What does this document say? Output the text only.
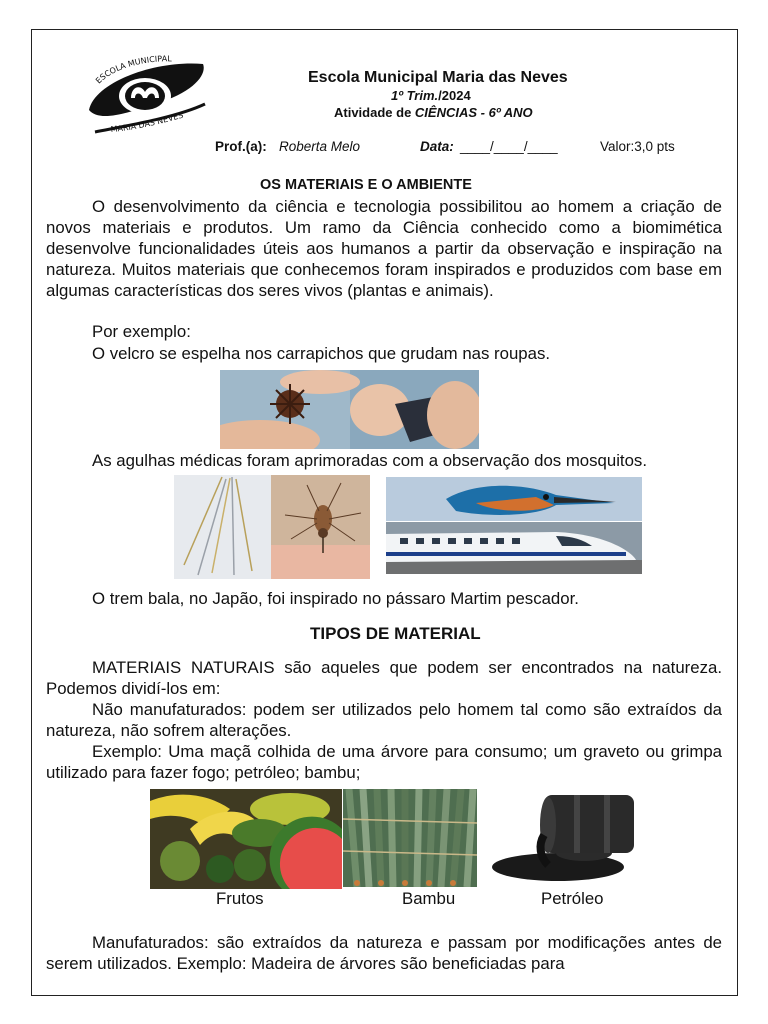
ESCOLA MUNICIPAL
MARIA DAS NEVES
Escola Municipal Maria das Neves
1º Trim./2024
Atividade de CIÊNCIAS - 6º ANO
Prof.(a): Roberta Melo	Data: ____/____/____	Valor:3,0 pts
OS MATERIAIS E O AMBIENTE

O desenvolvimento da ciência e tecnologia possibilitou ao homem a criação de novos materiais e produtos. Um ramo da Ciência conhecido como a biomimética desenvolve funcionalidades úteis aos humanos a partir da observação e inspiração na natureza. Muitos materiais que conhecemos foram inspirados e produzidos com base em algumas características dos seres vivos (plantas e animais).

Por exemplo:
O velcro se espelha nos carrapichos que grudam nas roupas.
As agulhas médicas foram aprimoradas com a observação dos mosquitos.
O trem bala, no Japão, foi inspirado no pássaro Martim pescador.
TIPOS DE MATERIAL

MATERIAIS NATURAIS são aqueles que podem ser encontrados na natureza. Podemos dividí-los em:

Não manufaturados: podem ser utilizados pelo homem tal como são extraídos da natureza, não sofrem alterações.

Exemplo: Uma maçã colhida de uma árvore para consumo; um graveto ou grimpa utilizado para fazer fogo; petróleo; bambu;

Frutos	Bambu	Petróleo

Manufaturados: são extraídos da natureza e passam por modificações antes de serem utilizados. Exemplo: Madeira de árvores são beneficiadas para
